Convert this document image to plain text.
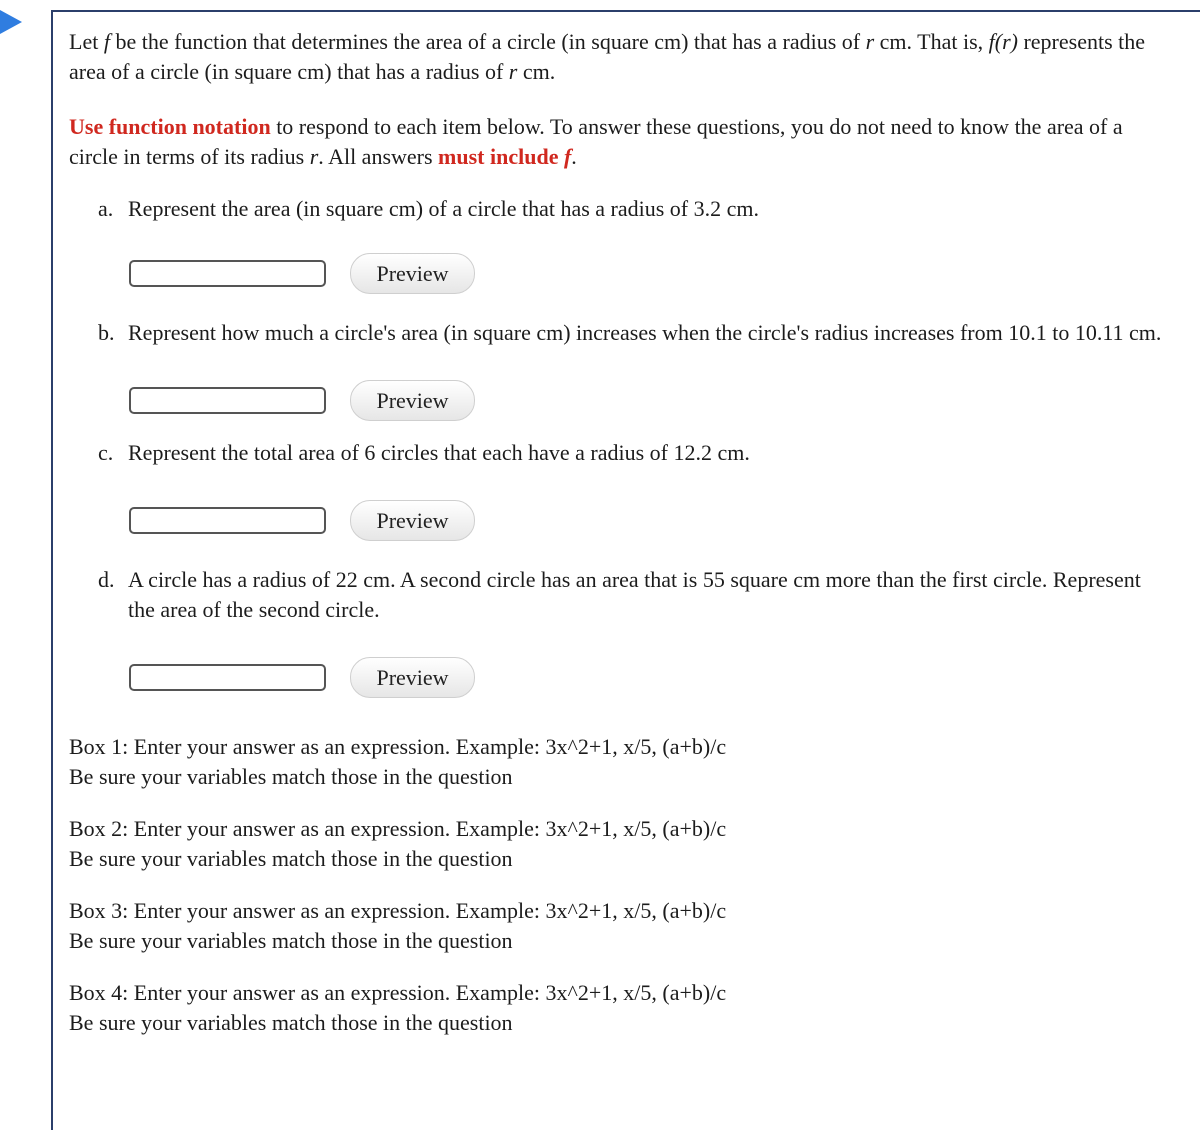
Let f be the function that determines the area of a circle (in square cm) that has a radius of r cm. That is, f(r) represents the area of a circle (in square cm) that has a radius of r cm.

Use function notation to respond to each item below. To answer these questions, you do not need to know the area of a circle in terms of its radius r. All answers must include f.

a. Represent the area (in square cm) of a circle that has a radius of 3.2 cm.
Preview
b. Represent how much a circle's area (in square cm) increases when the circle's radius increases from 10.1 to 10.11 cm.
Preview
c. Represent the total area of 6 circles that each have a radius of 12.2 cm.
Preview
d. A circle has a radius of 22 cm. A second circle has an area that is 55 square cm more than the first circle. Represent the area of the second circle.
Preview

Box 1: Enter your answer as an expression. Example: 3x^2+1, x/5, (a+b)/c
Be sure your variables match those in the question

Box 2: Enter your answer as an expression. Example: 3x^2+1, x/5, (a+b)/c
Be sure your variables match those in the question

Box 3: Enter your answer as an expression. Example: 3x^2+1, x/5, (a+b)/c
Be sure your variables match those in the question

Box 4: Enter your answer as an expression. Example: 3x^2+1, x/5, (a+b)/c
Be sure your variables match those in the question
